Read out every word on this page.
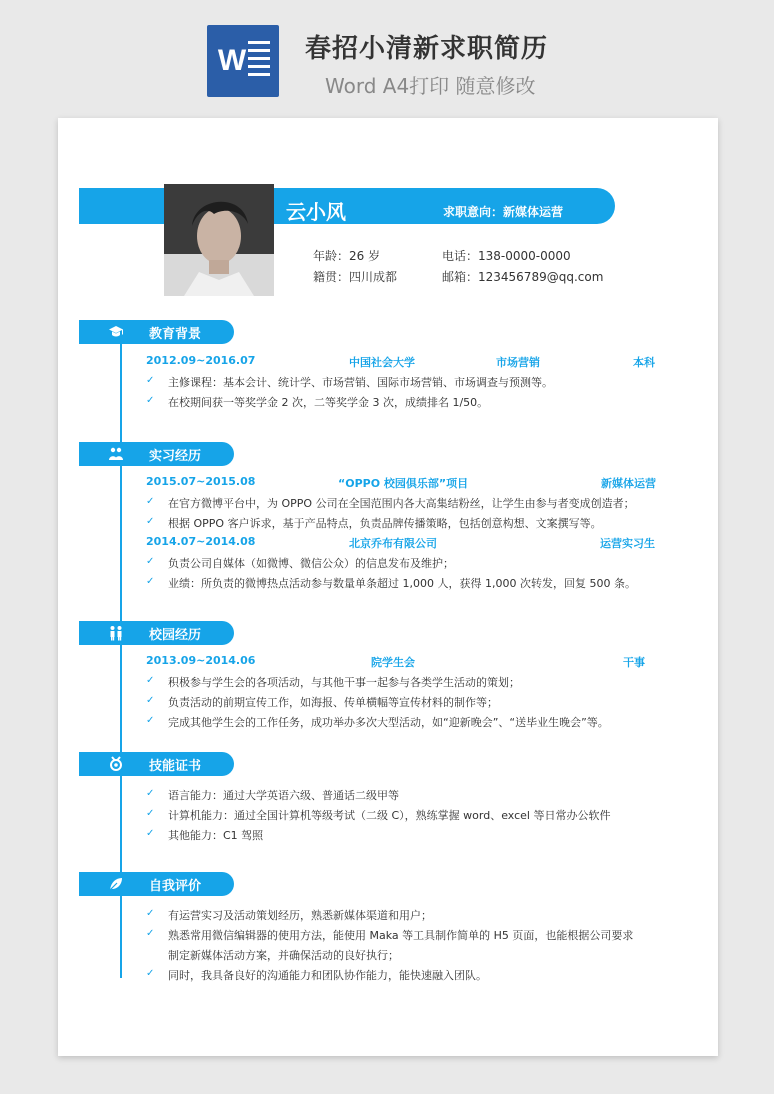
W 春招小清新求职简历
Word A4打印 随意修改
云小风	求职意向：新媒体运营
年龄：26 岁	电话：138-0000-0000
籍贯：四川成都	邮箱：123456789@qq.com
教育背景
2012.09~2016.07	中国社会大学	市场营销	本科
✓ 主修课程：基本会计、统计学、市场营销、国际市场营销、市场调查与预测等。
✓ 在校期间获一等奖学金 2 次，二等奖学金 3 次，成绩排名 1/50。
实习经历
2015.07~2015.08	“OPPO 校园俱乐部”项目	新媒体运营
✓ 在官方微博平台中，为 OPPO 公司在全国范围内各大高集结粉丝，让学生由参与者变成创造者；
✓ 根据 OPPO 客户诉求，基于产品特点，负责品牌传播策略，包括创意构想、文案撰写等。
2014.07~2014.08	北京乔布有限公司	运营实习生
✓ 负责公司自媒体（如微博、微信公众）的信息发布及维护；
✓ 业绩：所负责的微博热点活动参与数量单条超过 1,000 人，获得 1,000 次转发，回复 500 条。
校园经历
2013.09~2014.06	院学生会	干事
✓ 积极参与学生会的各项活动，与其他干事一起参与各类学生活动的策划；
✓ 负责活动的前期宣传工作，如海报、传单横幅等宣传材料的制作等；
✓ 完成其他学生会的工作任务，成功举办多次大型活动，如“迎新晚会”、“送毕业生晚会”等。
技能证书
✓ 语言能力：通过大学英语六级、普通话二级甲等
✓ 计算机能力：通过全国计算机等级考试（二级 C），熟练掌握 word、excel 等日常办公软件
✓ 其他能力：C1 驾照
自我评价
✓ 有运营实习及活动策划经历，熟悉新媒体渠道和用户；
✓ 熟悉常用微信编辑器的使用方法，能使用 Maka 等工具制作简单的 H5 页面，也能根据公司要求
制定新媒体活动方案，并确保活动的良好执行；
✓ 同时，我具备良好的沟通能力和团队协作能力，能快速融入团队。
